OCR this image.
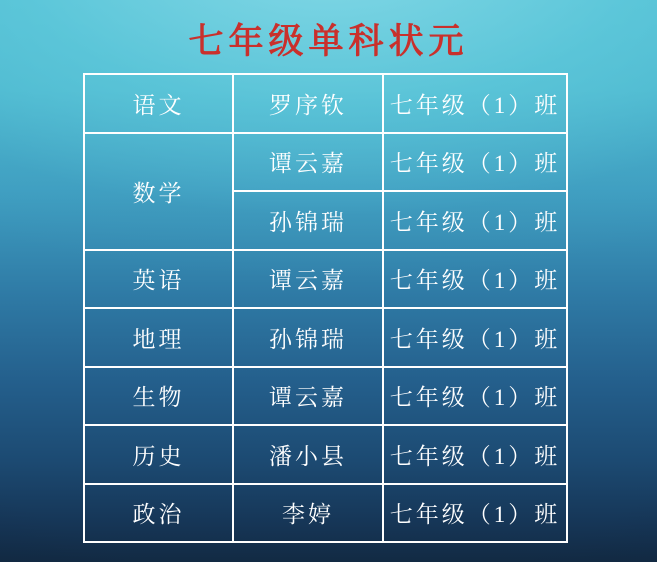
七年级单科状元
语文	罗序钦	七年级（1）班
数学	谭云嘉	七年级（1）班
	孙锦瑞	七年级（1）班
英语	谭云嘉	七年级（1）班
地理	孙锦瑞	七年级（1）班
生物	谭云嘉	七年级（1）班
历史	潘小县	七年级（1）班
政治	李婷	七年级（1）班
